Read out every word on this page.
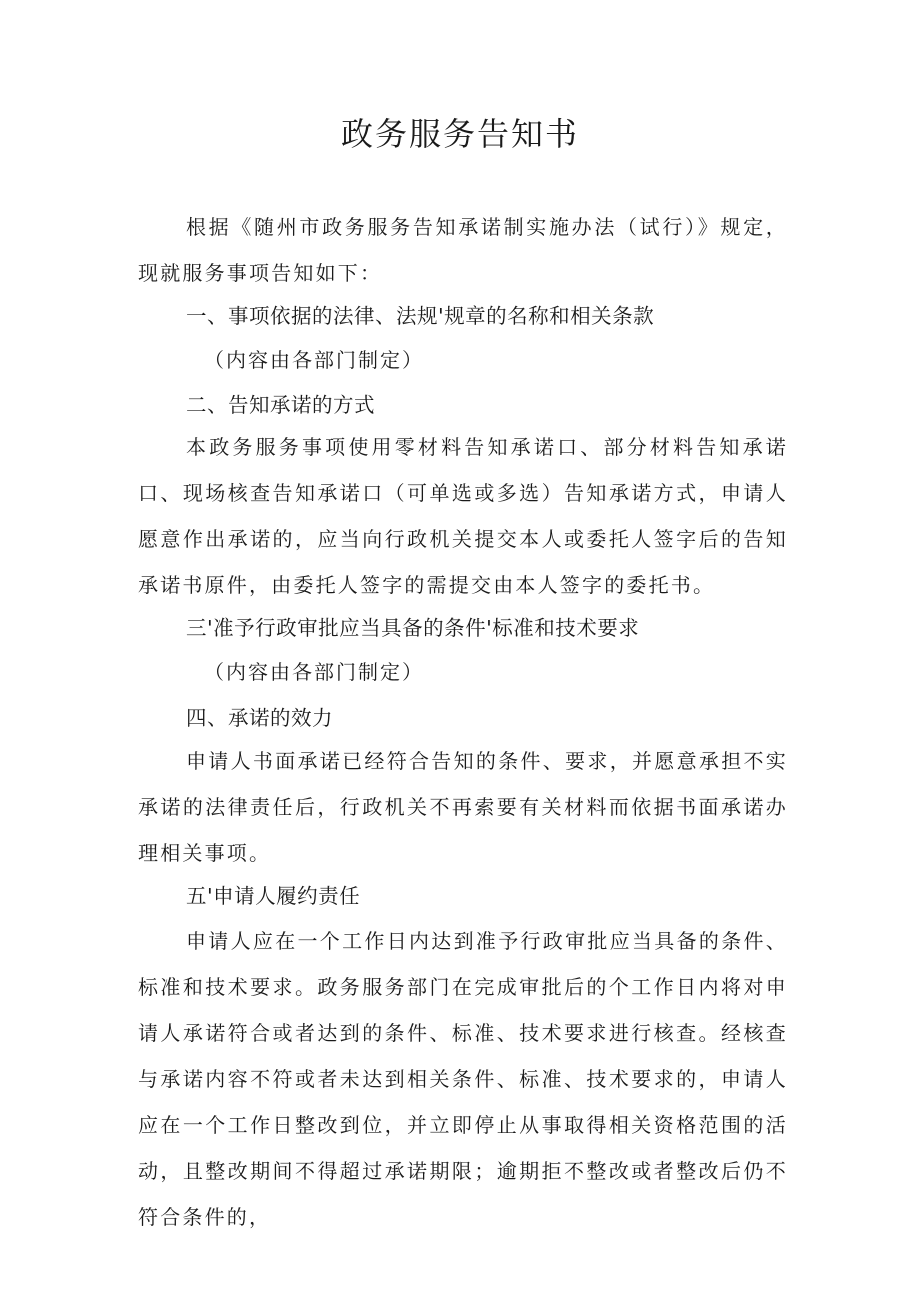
政务服务告知书

根据《随州市政务服务告知承诺制实施办法（试行）》规定，现就服务事项告知如下：

一、事项依据的法律、法规'规章的名称和相关条款

（内容由各部门制定）

二、告知承诺的方式

本政务服务事项使用零材料告知承诺口、部分材料告知承诺口、现场核查告知承诺口（可单选或多选）告知承诺方式，申请人愿意作出承诺的，应当向行政机关提交本人或委托人签字后的告知承诺书原件，由委托人签字的需提交由本人签字的委托书。

三'准予行政审批应当具备的条件'标准和技术要求

（内容由各部门制定）

四、承诺的效力

申请人书面承诺已经符合告知的条件、要求，并愿意承担不实承诺的法律责任后，行政机关不再索要有关材料而依据书面承诺办理相关事项。

五'申请人履约责任

申请人应在一个工作日内达到准予行政审批应当具备的条件、标准和技术要求。政务服务部门在完成审批后的个工作日内将对申请人承诺符合或者达到的条件、标准、技术要求进行核查。经核查与承诺内容不符或者未达到相关条件、标准、技术要求的，申请人应在一个工作日整改到位，并立即停止从事取得相关资格范围的活动，且整改期间不得超过承诺期限；逾期拒不整改或者整改后仍不符合条件的，
